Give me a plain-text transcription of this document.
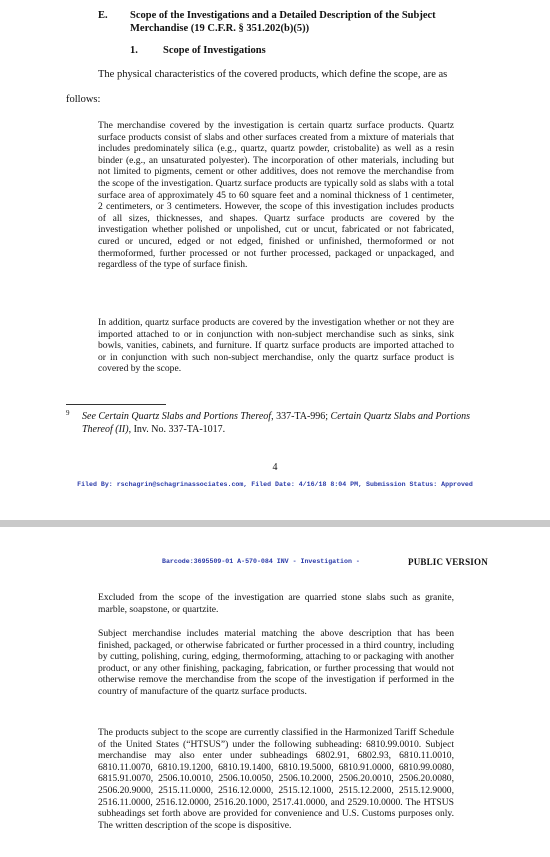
E. Scope of the Investigations and a Detailed Description of the Subject Merchandise (19 C.F.R. § 351.202(b)(5))

1. Scope of Investigations

The physical characteristics of the covered products, which define the scope, are as

follows:

The merchandise covered by the investigation is certain quartz surface products. Quartz surface products consist of slabs and other surfaces created from a mixture of materials that includes predominately silica (e.g., quartz, quartz powder, cristobalite) as well as a resin binder (e.g., an unsaturated polyester). The incorporation of other materials, including but not limited to pigments, cement or other additives, does not remove the merchandise from the scope of the investigation. Quartz surface products are typically sold as slabs with a total surface area of approximately 45 to 60 square feet and a nominal thickness of 1 centimeter, 2 centimeters, or 3 centimeters. However, the scope of this investigation includes products of all sizes, thicknesses, and shapes. Quartz surface products are covered by the investigation whether polished or unpolished, cut or uncut, fabricated or not fabricated, cured or uncured, edged or not edged, finished or unfinished, thermoformed or not thermoformed, further processed or not further processed, packaged or unpackaged, and regardless of the type of surface finish.

In addition, quartz surface products are covered by the investigation whether or not they are imported attached to or in conjunction with non-subject merchandise such as sinks, sink bowls, vanities, cabinets, and furniture. If quartz surface products are imported attached to or in conjunction with such non-subject merchandise, only the quartz surface product is covered by the scope.

9 See Certain Quartz Slabs and Portions Thereof, 337-TA-996; Certain Quartz Slabs and Portions Thereof (II), Inv. No. 337-TA-1017.

4

Filed By: rschagrin@schagrinassociates.com, Filed Date: 4/16/18 8:04 PM, Submission Status: Approved

Barcode:3695509-01 A-570-084 INV - Investigation -	PUBLIC VERSION

Excluded from the scope of the investigation are quarried stone slabs such as granite, marble, soapstone, or quartzite.

Subject merchandise includes material matching the above description that has been finished, packaged, or otherwise fabricated or further processed in a third country, including by cutting, polishing, curing, edging, thermoforming, attaching to or packaging with another product, or any other finishing, packaging, fabrication, or further processing that would not otherwise remove the merchandise from the scope of the investigation if performed in the country of manufacture of the quartz surface products.

The products subject to the scope are currently classified in the Harmonized Tariff Schedule of the United States (“HTSUS”) under the following subheading: 6810.99.0010. Subject merchandise may also enter under subheadings 6802.91, 6802.93, 6810.11.0010, 6810.11.0070, 6810.19.1200, 6810.19.1400, 6810.19.5000, 6810.91.0000, 6810.99.0080, 6815.91.0070, 2506.10.0010, 2506.10.0050, 2506.10.2000, 2506.20.0010, 2506.20.0080, 2506.20.9000, 2515.11.0000, 2516.12.0000, 2515.12.1000, 2515.12.2000, 2515.12.9000, 2516.11.0000, 2516.12.0000, 2516.20.1000, 2517.41.0000, and 2529.10.0000. The HTSUS subheadings set forth above are provided for convenience and U.S. Customs purposes only. The written description of the scope is dispositive.
